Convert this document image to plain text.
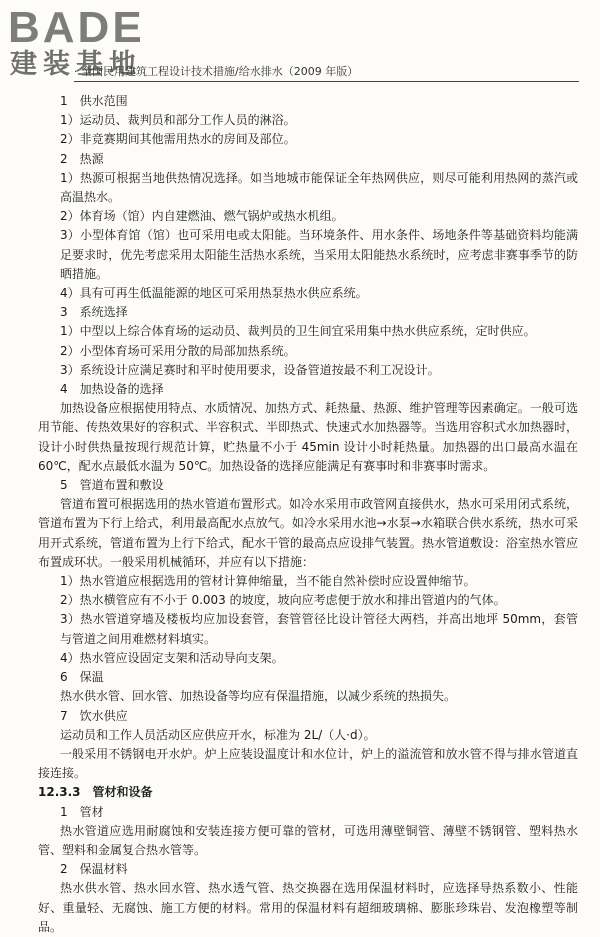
BADE
建装基地
· 全国民用建筑工程设计技术措施/给水排水（2009 年版）

1　供水范围

1）运动员、裁判员和部分工作人员的淋浴。

2）非竞赛期间其他需用热水的房间及部位。

2　热源

1）热源可根据当地供热情况选择。如当地城市能保证全年热网供应，则尽可能利用热网的蒸汽或高温热水。

2）体育场（馆）内自建燃油、燃气锅炉或热水机组。

3）小型体育馆（馆）也可采用电或太阳能。当环境条件、用水条件、场地条件等基础资料均能满足要求时，优先考虑采用太阳能生活热水系统，当采用太阳能热水系统时，应考虑非赛事季节的防晒措施。

4）具有可再生低温能源的地区可采用热泵热水供应系统。

3　系统选择

1）中型以上综合体育场的运动员、裁判员的卫生间宜采用集中热水供应系统，定时供应。

2）小型体育场可采用分散的局部加热系统。

3）系统设计应满足赛时和平时使用要求，设备管道按最不利工况设计。

4　加热设备的选择

加热设备应根据使用特点、水质情况、加热方式、耗热量、热源、维护管理等因素确定。一般可选用节能、传热效果好的容积式、半容积式、半即热式、快速式水加热器等。当选用容积式水加热器时，设计小时供热量按现行规范计算，贮热量不小于 45min 设计小时耗热量。加热器的出口最高水温在 60℃，配水点最低水温为 50℃。加热设备的选择应能满足有赛事时和非赛事时需求。

5　管道布置和敷设

管道布置可根据选用的热水管道布置形式。如冷水采用市政管网直接供水，热水可采用闭式系统，管道布置为下行上给式，利用最高配水点放气。如冷水采用水池→水泵→水箱联合供水系统，热水可采用开式系统，管道布置为上行下给式，配水干管的最高点应设排气装置。热水管道敷设：浴室热水管应布置成环状。一般采用机械循环，并应有以下措施：

1）热水管道应根据选用的管材计算伸缩量，当不能自然补偿时应设置伸缩节。

2）热水横管应有不小于 0.003 的坡度，坡向应考虑便于放水和排出管道内的气体。

3）热水管道穿墙及楼板均应加设套管，套管管径比设计管径大两档，并高出地坪 50mm，套管与管道之间用难燃材料填实。

4）热水管应设固定支架和活动导向支架。

6　保温

热水供水管、回水管、加热设备等均应有保温措施，以减少系统的热损失。

7　饮水供应

运动员和工作人员活动区应供应开水，标准为 2L/（人·d）。

一般采用不锈钢电开水炉。炉上应装设温度计和水位计，炉上的溢流管和放水管不得与排水管道直接连接。

12.3.3　管材和设备

1　管材

热水管道应选用耐腐蚀和安装连接方便可靠的管材，可选用薄壁铜管、薄壁不锈钢管、塑料热水管、塑料和金属复合热水管等。

2　保温材料

热水供水管、热水回水管、热水透气管、热交换器在选用保温材料时，应选择导热系数小、性能好、重量轻、无腐蚀、施工方便的材料。常用的保温材料有超细玻璃棉、膨胀珍珠岩、发泡橡塑等制品。
